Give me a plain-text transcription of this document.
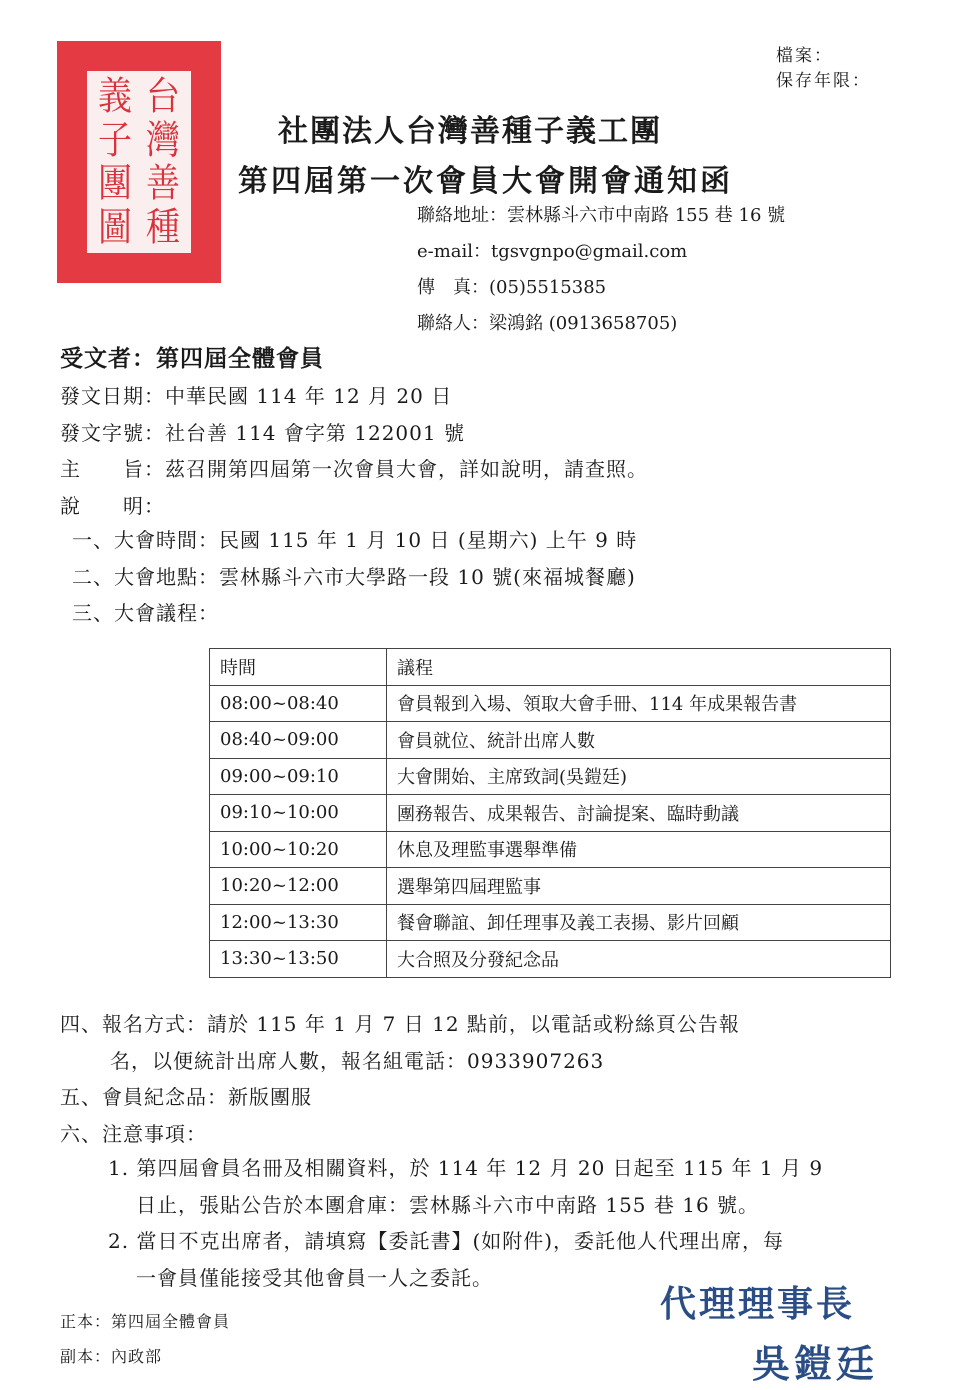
義 台
子 灣
團 善
圖 種
檔案：
保存年限：
社團法人台灣善種子義工團
第四屆第一次會員大會開會通知函
聯絡地址：雲林縣斗六市中南路 155 巷 16 號
e-mail：tgsvgnpo@gmail.com
傳　真：(05)5515385
聯絡人：梁鴻銘 (0913658705)
受文者：第四屆全體會員
發文日期：中華民國 114 年 12 月 20 日
發文字號：社台善 114 會字第 122001 號
主　　旨：茲召開第四屆第一次會員大會，詳如說明，請查照。
說　　明：
一、大會時間：民國 115 年 1 月 10 日 (星期六) 上午 9 時
二、大會地點：雲林縣斗六市大學路一段 10 號(來福城餐廳)
三、大會議程：
時間	議程
08:00~08:40	會員報到入場、領取大會手冊、114 年成果報告書
08:40~09:00	會員就位、統計出席人數
09:00~09:10	大會開始、主席致詞(吳鎧廷)
09:10~10:00	團務報告、成果報告、討論提案、臨時動議
10:00~10:20	休息及理監事選舉準備
10:20~12:00	選舉第四屆理監事
12:00~13:30	餐會聯誼、卸任理事及義工表揚、影片回顧
13:30~13:50	大合照及分發紀念品
四、報名方式：請於 115 年 1 月 7 日 12 點前，以電話或粉絲頁公告報
名，以便統計出席人數，報名組電話：0933907263
五、會員紀念品：新版團服
六、注意事項：
1. 第四屆會員名冊及相關資料，於 114 年 12 月 20 日起至 115 年 1 月 9
日止，張貼公告於本團倉庫：雲林縣斗六市中南路 155 巷 16 號。
2. 當日不克出席者，請填寫【委託書】(如附件)，委託他人代理出席，每
一會員僅能接受其他會員一人之委託。
正本：第四屆全體會員
副本：內政部
代理理事長
吳鎧廷
